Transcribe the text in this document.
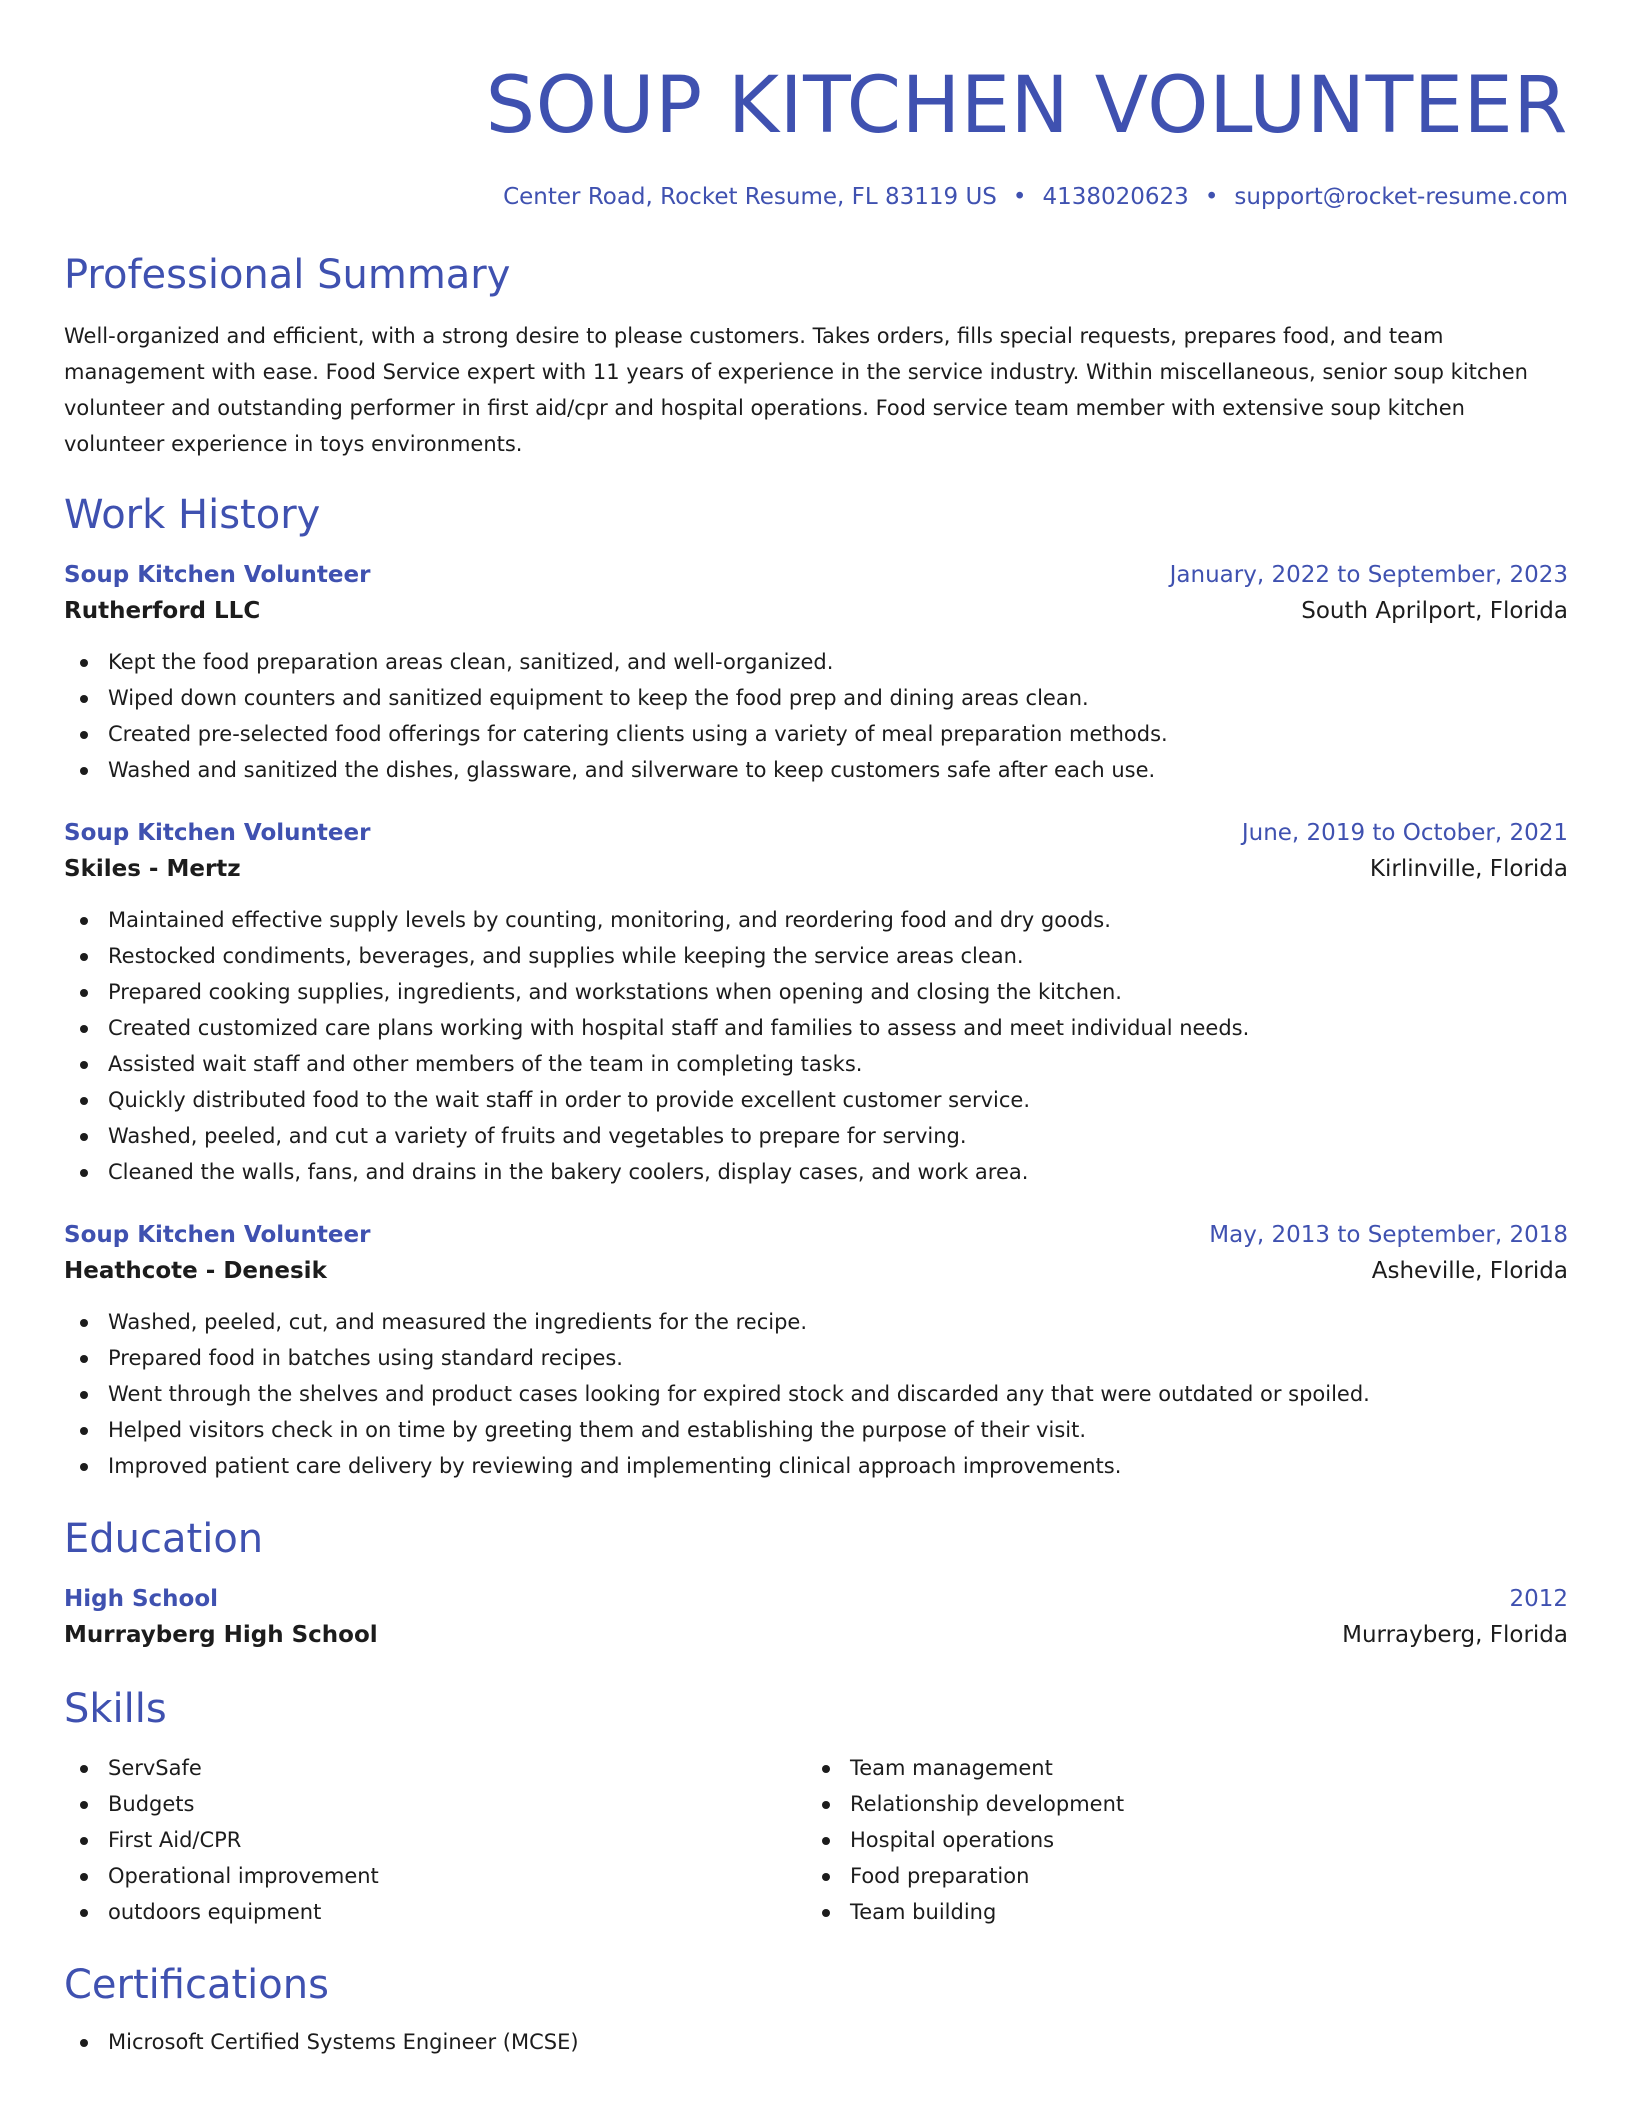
SOUP KITCHEN VOLUNTEER
Center Road, Rocket Resume, FL 83119 US • 4138020623 • support@rocket-resume.com
Professional Summary

Well-organized and efficient, with a strong desire to please customers. Takes orders, fills special requests, prepares food, and team management with ease. Food Service expert with 11 years of experience in the service industry. Within miscellaneous, senior soup kitchen volunteer and outstanding performer in first aid/cpr and hospital operations. Food service team member with extensive soup kitchen volunteer experience in toys environments.

Work History
Soup Kitchen Volunteer	January, 2022 to September, 2023
Rutherford LLC	South Aprilport, Florida
Kept the food preparation areas clean, sanitized, and well-organized.
Wiped down counters and sanitized equipment to keep the food prep and dining areas clean.
Created pre-selected food offerings for catering clients using a variety of meal preparation methods.
Washed and sanitized the dishes, glassware, and silverware to keep customers safe after each use.
Soup Kitchen Volunteer	June, 2019 to October, 2021
Skiles - Mertz	Kirlinville, Florida
Maintained effective supply levels by counting, monitoring, and reordering food and dry goods.
Restocked condiments, beverages, and supplies while keeping the service areas clean.
Prepared cooking supplies, ingredients, and workstations when opening and closing the kitchen.
Created customized care plans working with hospital staff and families to assess and meet individual needs.
Assisted wait staff and other members of the team in completing tasks.
Quickly distributed food to the wait staff in order to provide excellent customer service.
Washed, peeled, and cut a variety of fruits and vegetables to prepare for serving.
Cleaned the walls, fans, and drains in the bakery coolers, display cases, and work area.
Soup Kitchen Volunteer	May, 2013 to September, 2018
Heathcote - Denesik	Asheville, Florida
Washed, peeled, cut, and measured the ingredients for the recipe.
Prepared food in batches using standard recipes.
Went through the shelves and product cases looking for expired stock and discarded any that were outdated or spoiled.
Helped visitors check in on time by greeting them and establishing the purpose of their visit.
Improved patient care delivery by reviewing and implementing clinical approach improvements.
Education
High School	2012
Murrayberg High School	Murrayberg, Florida
Skills
ServSafe
Budgets
First Aid/CPR
Operational improvement
outdoors equipment
Team management
Relationship development
Hospital operations
Food preparation
Team building
Certifications
Microsoft Certified Systems Engineer (MCSE)
